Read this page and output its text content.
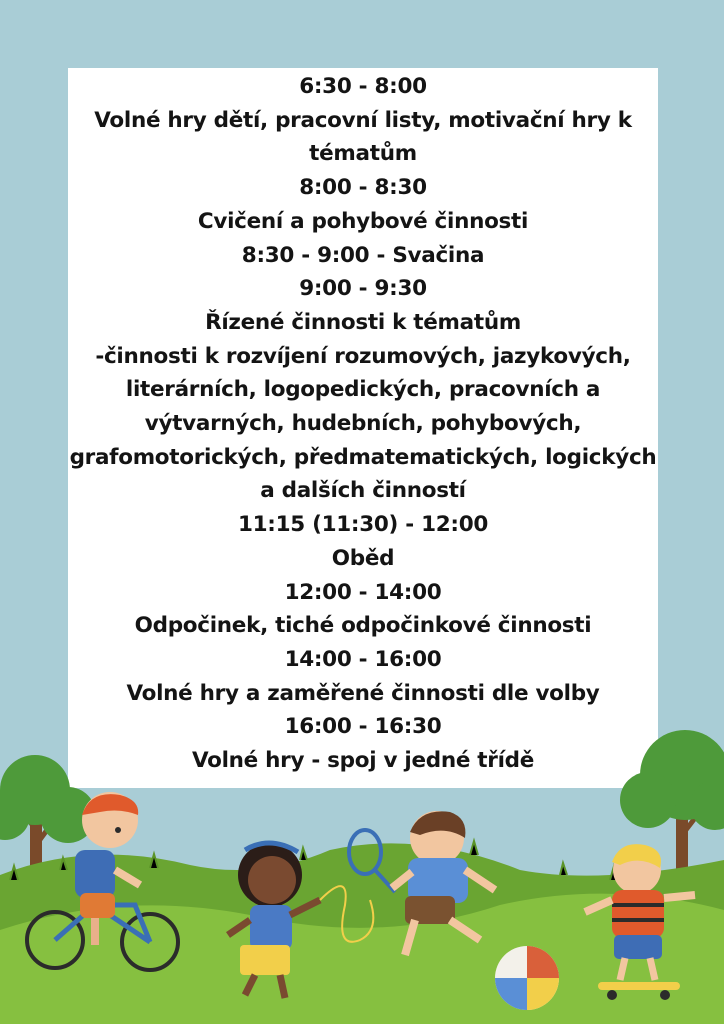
6:30 - 8:00
Volné hry dětí, pracovní listy, motivační hry k
tématům
8:00 - 8:30
Cvičení a pohybové činnosti
8:30 - 9:00 - Svačina
9:00 - 9:30
Řízené činnosti k tématům
-činnosti k rozvíjení rozumových, jazykových,
literárních, logopedických, pracovních a
výtvarných, hudebních, pohybových,
grafomotorických, předmatematických, logických
a dalších činností
11:15 (11:30) - 12:00
Oběd
12:00 - 14:00
Odpočinek, tiché odpočinkové činnosti
14:00 - 16:00
Volné hry a zaměřené činnosti dle volby
16:00 - 16:30
Volné hry - spoj v jedné třídě
